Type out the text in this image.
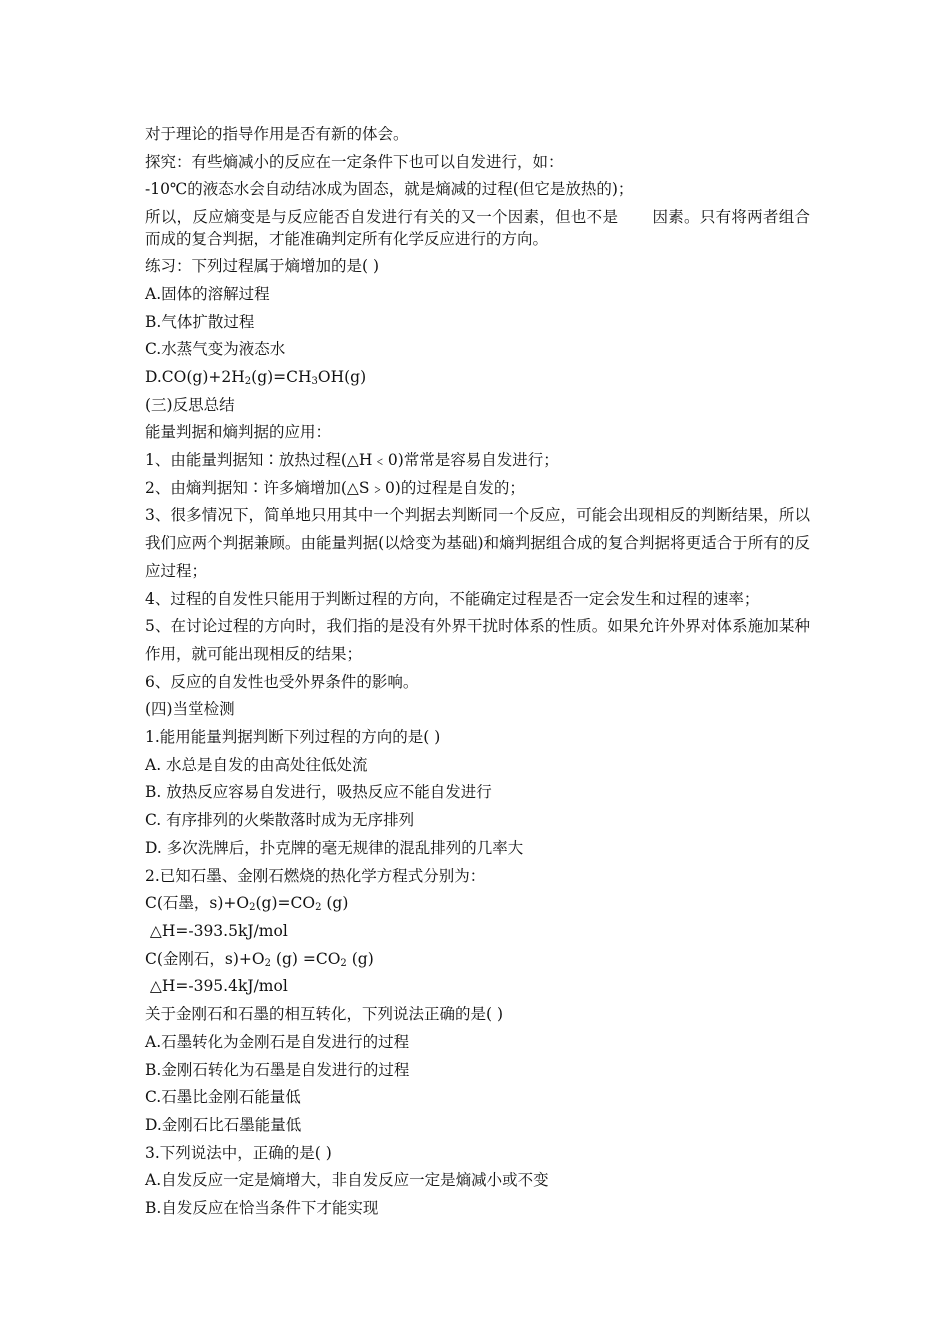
对于理论的指导作用是否有新的体会。

探究：有些熵减小的反应在一定条件下也可以自发进行，如：

-10℃的液态水会自动结冰成为固态，就是熵减的过程(但它是放热的)；

所以，反应熵变是与反应能否自发进行有关的又一个因素，但也不是 因素。只有将两者组合而成的复合判据，才能准确判定所有化学反应进行的方向。

练习：下列过程属于熵增加的是( )

A.固体的溶解过程

B.气体扩散过程

C.水蒸气变为液态水

$D.CO(g)+2H_2(g)=CH_3OH(g)$

(三)反思总结

能量判据和熵判据的应用：

1、由能量判据知∶放热过程(△H﹤0)常常是容易自发进行；

2、由熵判据知∶许多熵增加(△S﹥0)的过程是自发的；

3、很多情况下，简单地只用其中一个判据去判断同一个反应，可能会出现相反的判断结果，所以我们应两个判据兼顾。由能量判据(以焓变为基础)和熵判据组合成的复合判据将更适合于所有的反应过程；

4、过程的自发性只能用于判断过程的方向，不能确定过程是否一定会发生和过程的速率；

5、在讨论过程的方向时，我们指的是没有外界干扰时体系的性质。如果允许外界对体系施加某种作用，就可能出现相反的结果；

6、反应的自发性也受外界条件的影响。

(四)当堂检测

1.能用能量判据判断下列过程的方向的是( )

A. 水总是自发的由高处往低处流

B. 放热反应容易自发进行，吸热反应不能自发进行

C. 有序排列的火柴散落时成为无序排列

D. 多次洗牌后，扑克牌的毫无规律的混乱排列的几率大

2.已知石墨、金刚石燃烧的热化学方程式分别为：

C(石墨，$s)+O_2(g)=CO_2$ (g)

△H=-393.5kJ/mol

C(金刚石，$s)+O_2$ $(g) =CO_2$ (g)

△H=-395.4kJ/mol

关于金刚石和石墨的相互转化，下列说法正确的是( )

A.石墨转化为金刚石是自发进行的过程

B.金刚石转化为石墨是自发进行的过程

C.石墨比金刚石能量低

D.金刚石比石墨能量低

3.下列说法中，正确的是( )

A.自发反应一定是熵增大，非自发反应一定是熵减小或不变

B.自发反应在恰当条件下才能实现
